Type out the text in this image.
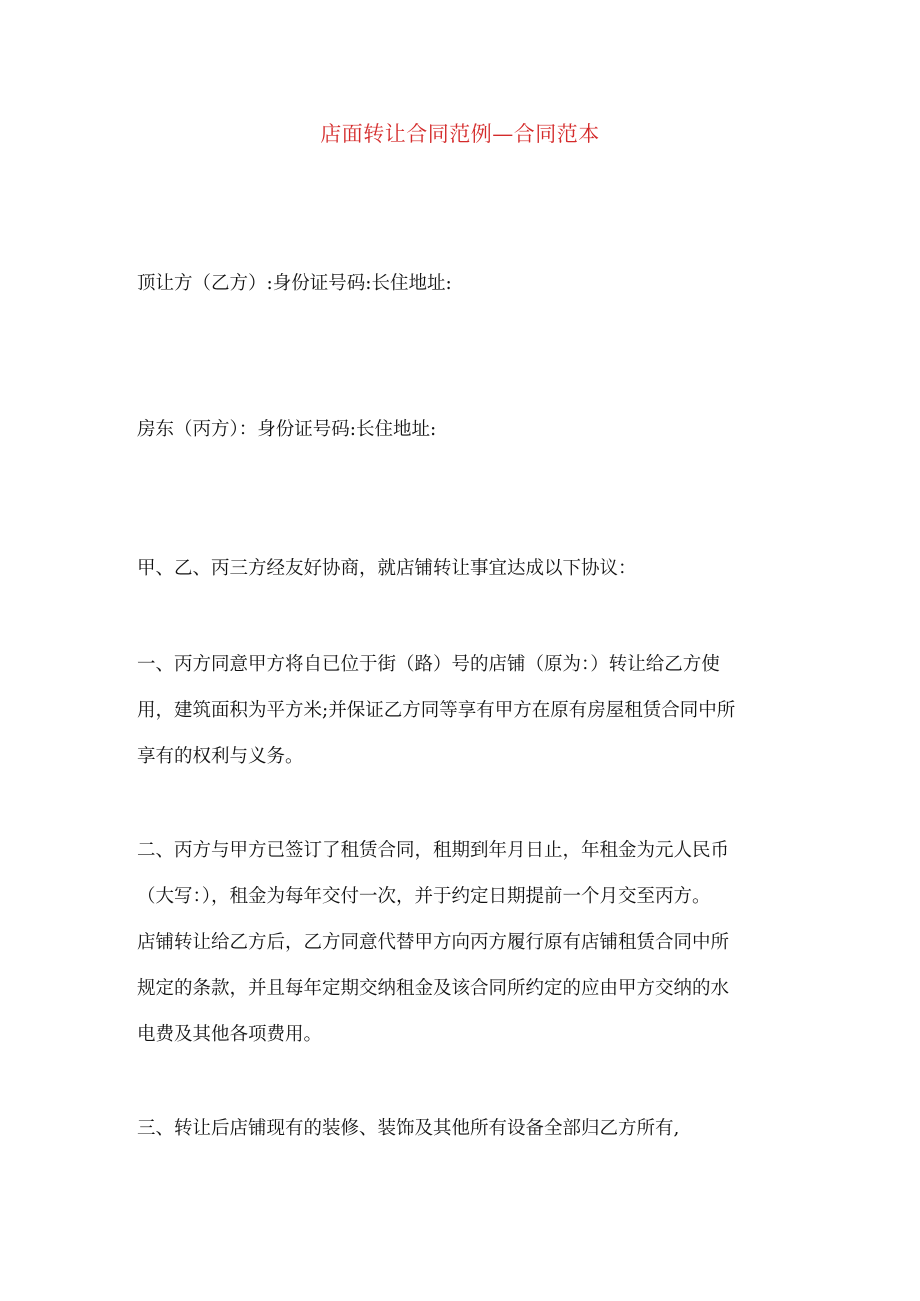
店面转让合同范例—合同范本
顶让方（乙方）:身份证号码:长住地址:
房东（丙方）：身份证号码:长住地址:
甲、乙、丙三方经友好协商，就店铺转让事宜达成以下协议：
一、丙方同意甲方将自已位于街（路）号的店铺（原为：）转让给乙方使
用，建筑面积为平方米;并保证乙方同等享有甲方在原有房屋租赁合同中所
享有的权利与义务。
二、丙方与甲方已签订了租赁合同，租期到年月日止，年租金为元人民币
（大写：），租金为每年交付一次，并于约定日期提前一个月交至丙方。
店铺转让给乙方后，乙方同意代替甲方向丙方履行原有店铺租赁合同中所
规定的条款，并且每年定期交纳租金及该合同所约定的应由甲方交纳的水
电费及其他各项费用。
三、转让后店铺现有的装修、装饰及其他所有设备全部归乙方所有,
